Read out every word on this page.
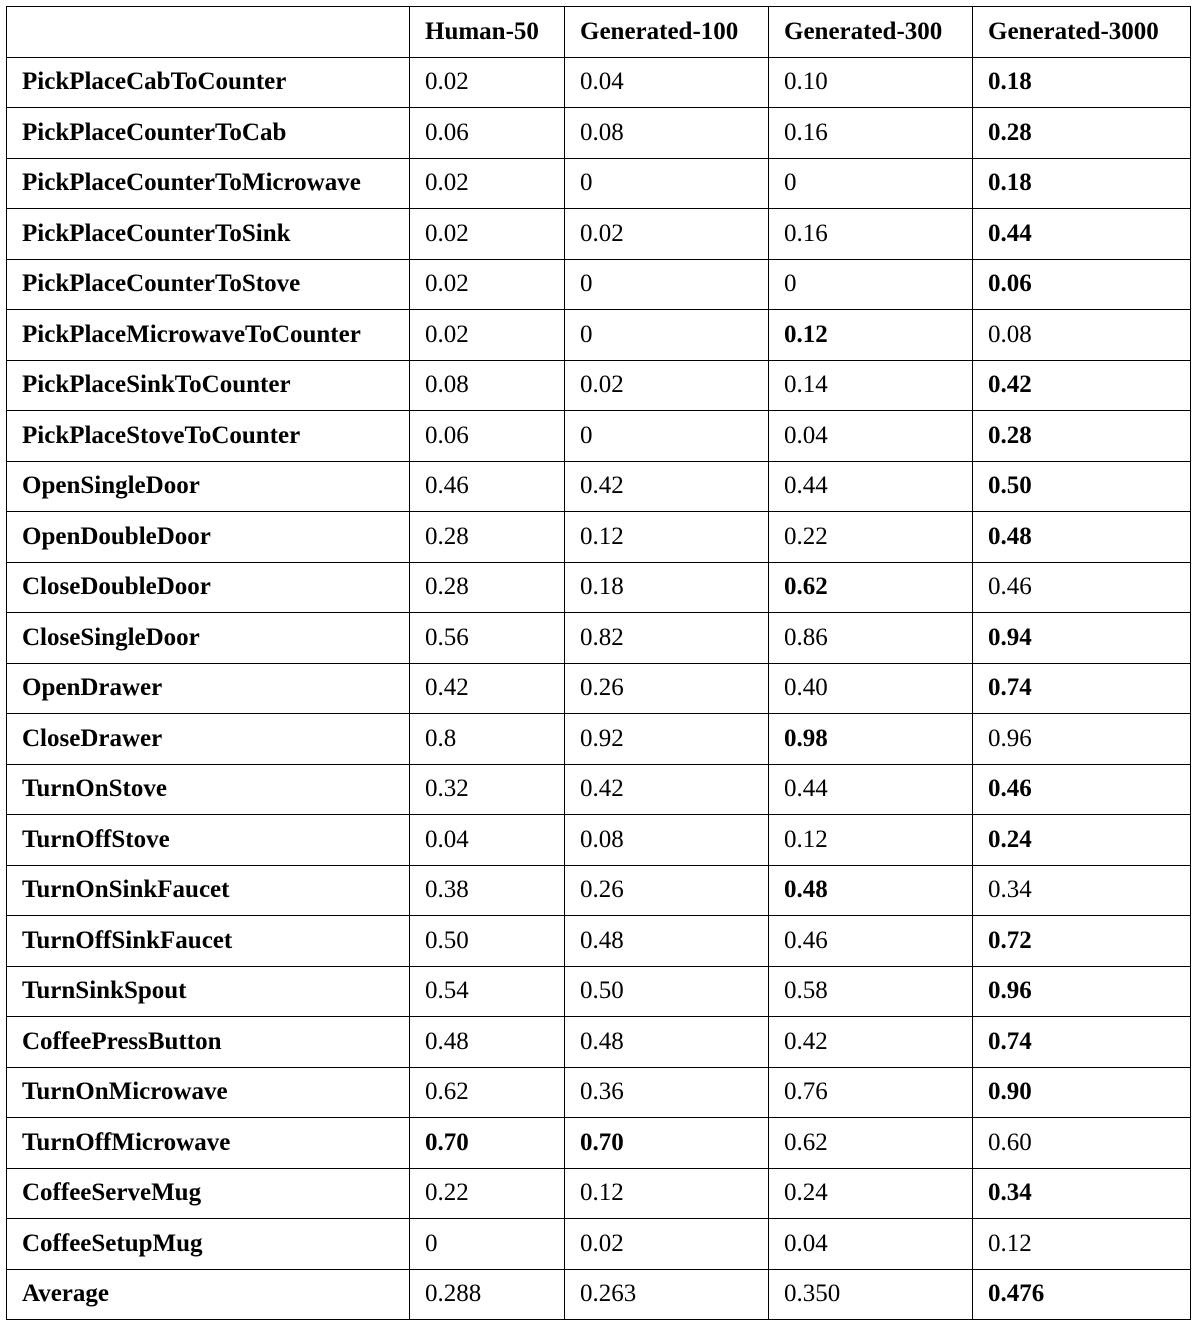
	Human-50	Generated-100	Generated-300	Generated-3000
PickPlaceCabToCounter	0.02	0.04	0.10	0.18
PickPlaceCounterToCab	0.06	0.08	0.16	0.28
PickPlaceCounterToMicrowave	0.02	0	0	0.18
PickPlaceCounterToSink	0.02	0.02	0.16	0.44
PickPlaceCounterToStove	0.02	0	0	0.06
PickPlaceMicrowaveToCounter	0.02	0	0.12	0.08
PickPlaceSinkToCounter	0.08	0.02	0.14	0.42
PickPlaceStoveToCounter	0.06	0	0.04	0.28
OpenSingleDoor	0.46	0.42	0.44	0.50
OpenDoubleDoor	0.28	0.12	0.22	0.48
CloseDoubleDoor	0.28	0.18	0.62	0.46
CloseSingleDoor	0.56	0.82	0.86	0.94
OpenDrawer	0.42	0.26	0.40	0.74
CloseDrawer	0.8	0.92	0.98	0.96
TurnOnStove	0.32	0.42	0.44	0.46
TurnOffStove	0.04	0.08	0.12	0.24
TurnOnSinkFaucet	0.38	0.26	0.48	0.34
TurnOffSinkFaucet	0.50	0.48	0.46	0.72
TurnSinkSpout	0.54	0.50	0.58	0.96
CoffeePressButton	0.48	0.48	0.42	0.74
TurnOnMicrowave	0.62	0.36	0.76	0.90
TurnOffMicrowave	0.70	0.70	0.62	0.60
CoffeeServeMug	0.22	0.12	0.24	0.34
CoffeeSetupMug	0	0.02	0.04	0.12
Average	0.288	0.263	0.350	0.476
